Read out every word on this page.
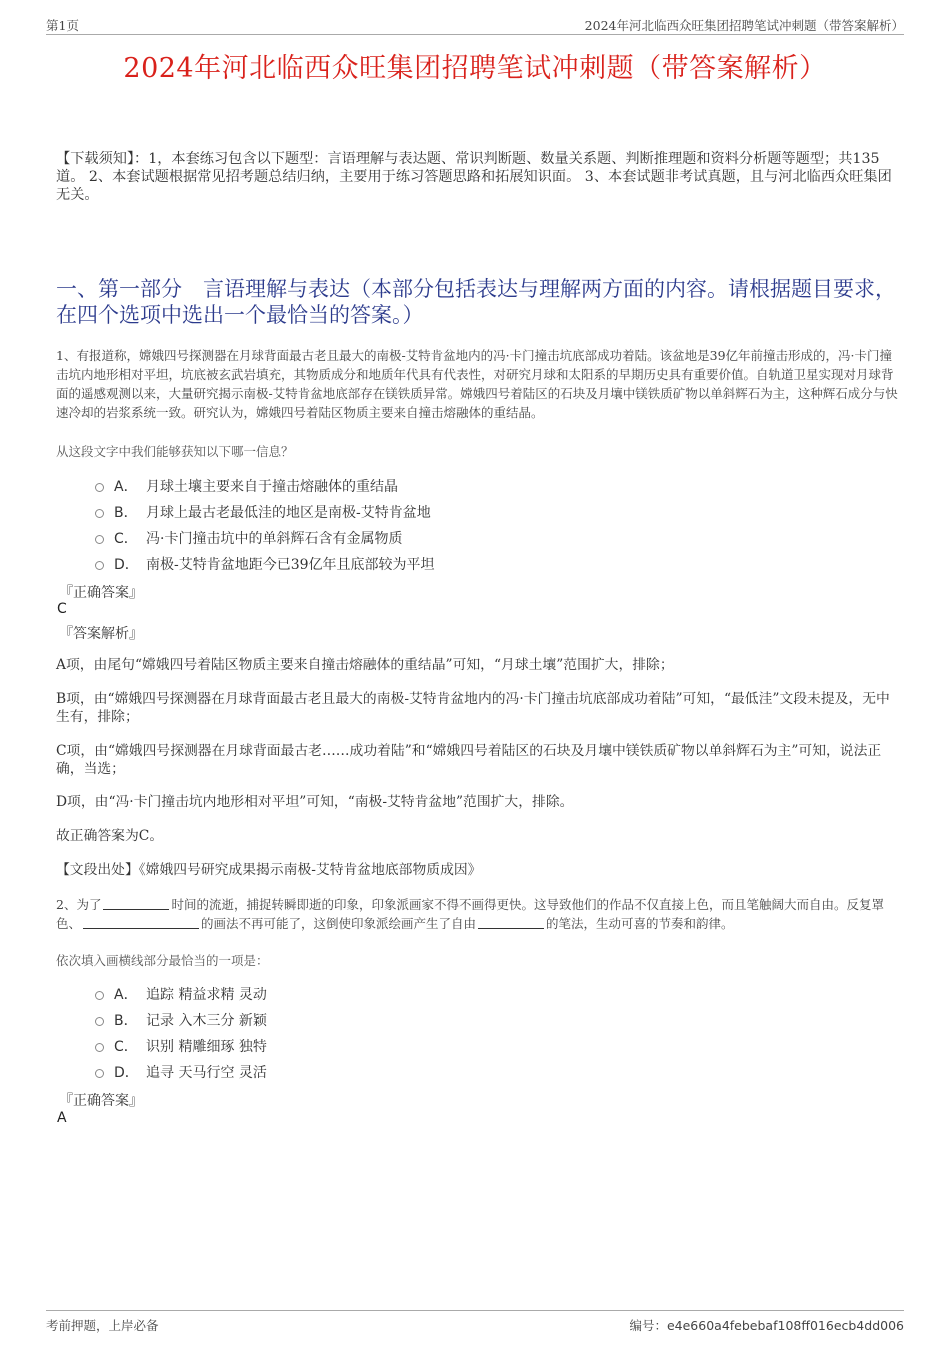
第1页	2024年河北临西众旺集团招聘笔试冲刺题（带答案解析）
2024年河北临西众旺集团招聘笔试冲刺题（带答案解析）
【下载须知】：1，本套练习包含以下题型：言语理解与表达题、常识判断题、数量关系题、判断推理题和资料分析题等题型；共135道。 2、本套试题根据常见招考题总结归纳，主要用于练习答题思路和拓展知识面。 3、本套试题非考试真题，且与河北临西众旺集团无关。
一、第一部分　言语理解与表达（本部分包括表达与理解两方面的内容。请根据题目要求，在四个选项中选出一个最恰当的答案。）
1、有报道称，嫦娥四号探测器在月球背面最古老且最大的南极-艾特肯盆地内的冯·卡门撞击坑底部成功着陆。该盆地是39亿年前撞击形成的，冯·卡门撞击坑内地形相对平坦，坑底被玄武岩填充，其物质成分和地质年代具有代表性，对研究月球和太阳系的早期历史具有重要价值。自轨道卫星实现对月球背面的遥感观测以来，大量研究揭示南极-艾特肯盆地底部存在镁铁质异常。嫦娥四号着陆区的石块及月壤中镁铁质矿物以单斜辉石为主，这种辉石成分与快速冷却的岩浆系统一致。研究认为，嫦娥四号着陆区物质主要来自撞击熔融体的重结晶。
从这段文字中我们能够获知以下哪一信息？
A． 月球土壤主要来自于撞击熔融体的重结晶
B． 月球上最古老最低洼的地区是南极-艾特肯盆地
C． 冯·卡门撞击坑中的单斜辉石含有金属物质
D． 南极-艾特肯盆地距今已39亿年且底部较为平坦
『正确答案』
C
『答案解析』
A项，由尾句“嫦娥四号着陆区物质主要来自撞击熔融体的重结晶”可知，“月球土壤”范围扩大，排除；
B项，由“嫦娥四号探测器在月球背面最古老且最大的南极-艾特肯盆地内的冯·卡门撞击坑底部成功着陆”可知，“最低洼”文段未提及，无中生有，排除；
C项，由“嫦娥四号探测器在月球背面最古老……成功着陆”和“嫦娥四号着陆区的石块及月壤中镁铁质矿物以单斜辉石为主”可知，说法正确，当选；
D项，由“冯·卡门撞击坑内地形相对平坦”可知，“南极-艾特肯盆地”范围扩大，排除。
故正确答案为C。
【文段出处】《嫦娥四号研究成果揭示南极-艾特肯盆地底部物质成因》
2、为了	时间的流逝，捕捉转瞬即逝的印象，印象派画家不得不画得更快。这导致他们的作品不仅直接上色，而且笔触阔大而自由。反复罩色、	的画法不再可能了，这倒使印象派绘画产生了自由	的笔法，生动可喜的节奏和韵律。
依次填入画横线部分最恰当的一项是：
A． 追踪 精益求精 灵动
B． 记录 入木三分 新颖
C． 识别 精雕细琢 独特
D． 追寻 天马行空 灵活
『正确答案』
A
考前押题，上岸必备	编号：e4e660a4febebaf108ff016ecb4dd006
